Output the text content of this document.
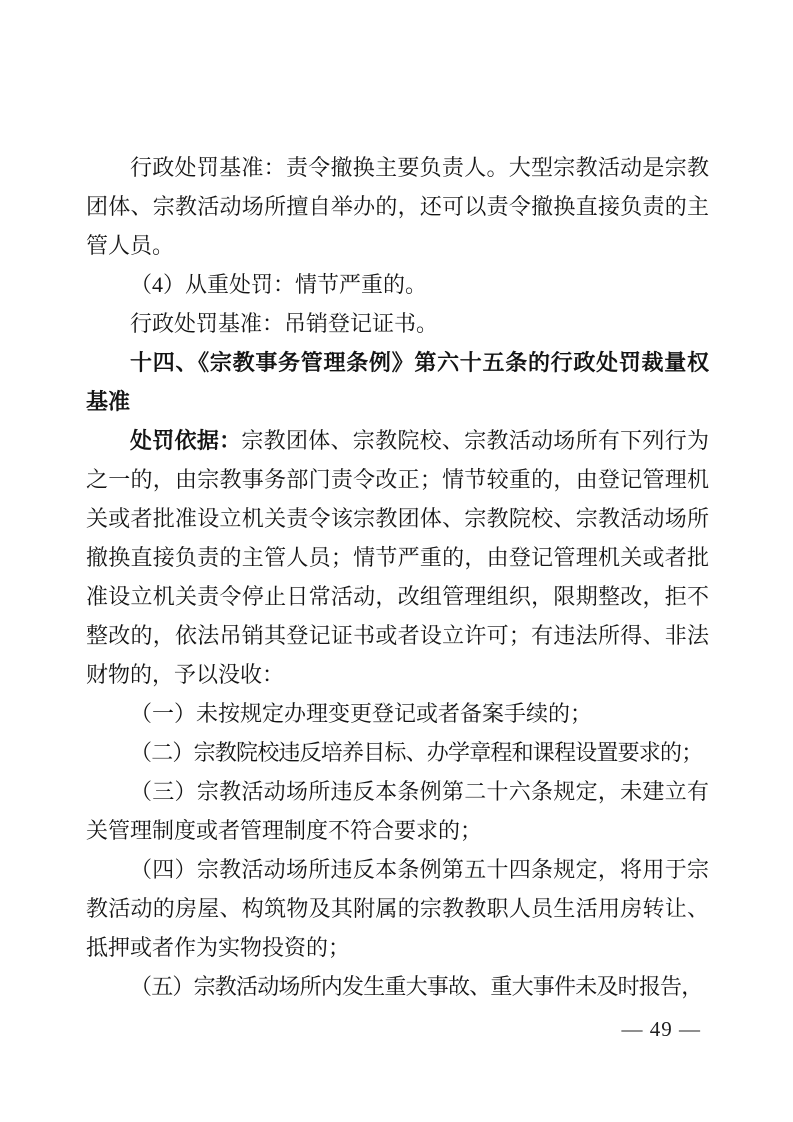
行政处罚基准：责令撤换主要负责人。大型宗教活动是宗教团体、宗教活动场所擅自举办的，还可以责令撤换直接负责的主管人员。

（4）从重处罚：情节严重的。

行政处罚基准：吊销登记证书。

十四、《宗教事务管理条例》第六十五条的行政处罚裁量权基准

处罚依据：宗教团体、宗教院校、宗教活动场所有下列行为之一的，由宗教事务部门责令改正；情节较重的，由登记管理机关或者批准设立机关责令该宗教团体、宗教院校、宗教活动场所撤换直接负责的主管人员；情节严重的，由登记管理机关或者批准设立机关责令停止日常活动，改组管理组织，限期整改，拒不整改的，依法吊销其登记证书或者设立许可；有违法所得、非法财物的，予以没收：

（一）未按规定办理变更登记或者备案手续的；

（二）宗教院校违反培养目标、办学章程和课程设置要求的；

（三）宗教活动场所违反本条例第二十六条规定，未建立有关管理制度或者管理制度不符合要求的；

（四）宗教活动场所违反本条例第五十四条规定，将用于宗教活动的房屋、构筑物及其附属的宗教教职人员生活用房转让、抵押或者作为实物投资的；

（五）宗教活动场所内发生重大事故、重大事件未及时报告，

— 49 —
